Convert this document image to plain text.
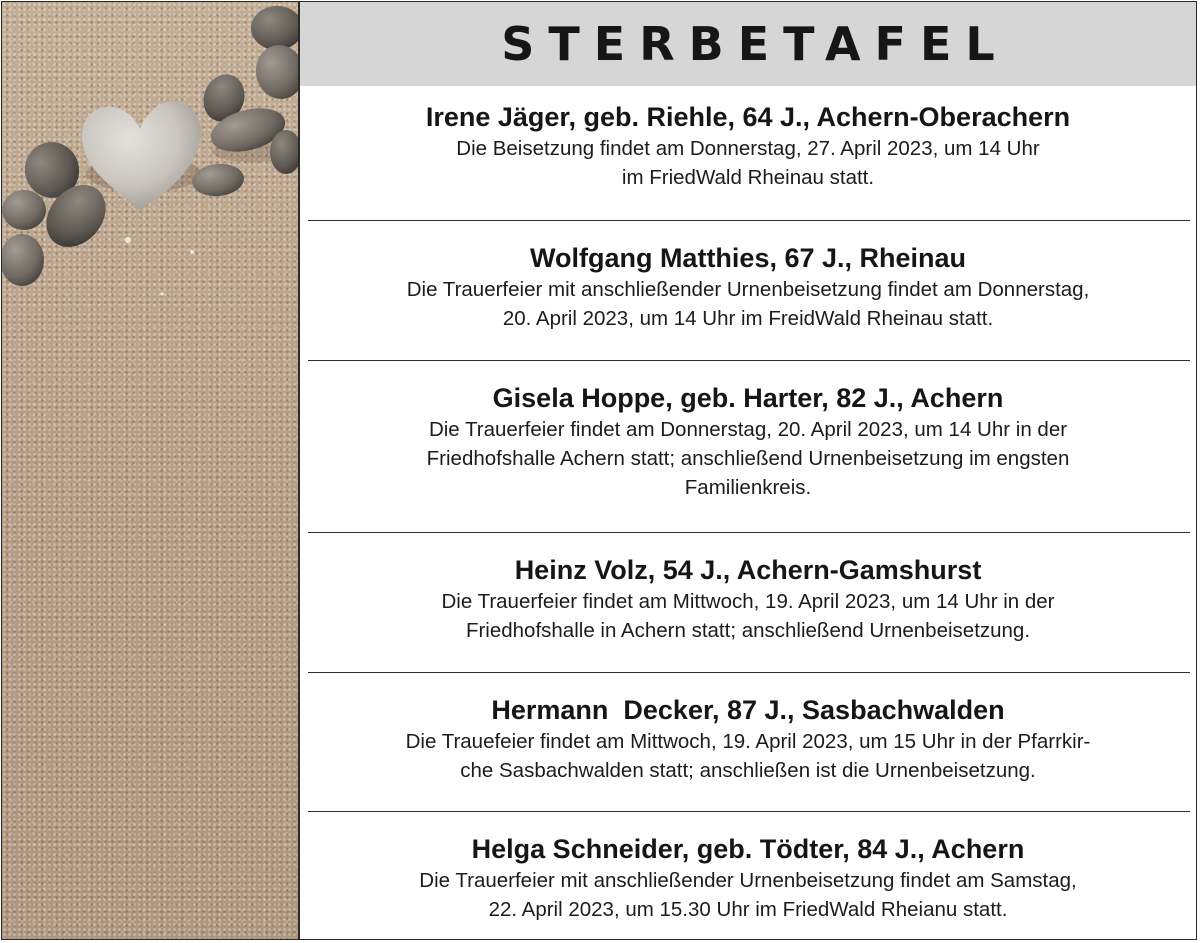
STERBETAFEL
Irene Jäger, geb. Riehle, 64 J., Achern-Oberachern
Die Beisetzung findet am Donnerstag, 27. April 2023, um 14 Uhr
im FriedWald Rheinau statt.
Wolfgang Matthies, 67 J., Rheinau
Die Trauerfeier mit anschließender Urnenbeisetzung findet am Donnerstag,
20. April 2023, um 14 Uhr im FreidWald Rheinau statt.
Gisela Hoppe, geb. Harter, 82 J., Achern
Die Trauerfeier findet am Donnerstag, 20. April 2023, um 14 Uhr in der
Friedhofshalle Achern statt; anschließend Urnenbeisetzung im engsten
Familienkreis.
Heinz Volz, 54 J., Achern-Gamshurst
Die Trauerfeier findet am Mittwoch, 19. April 2023, um 14 Uhr in der
Friedhofshalle in Achern statt; anschließend Urnenbeisetzung.
Hermann  Decker, 87 J., Sasbachwalden
Die Trauefeier findet am Mittwoch, 19. April 2023, um 15 Uhr in der Pfarrkir-
che Sasbachwalden statt; anschließen ist die Urnenbeisetzung.
Helga Schneider, geb. Tödter, 84 J., Achern
Die Trauerfeier mit anschließender Urnenbeisetzung findet am Samstag,
22. April 2023, um 15.30 Uhr im FriedWald Rheianu statt.
